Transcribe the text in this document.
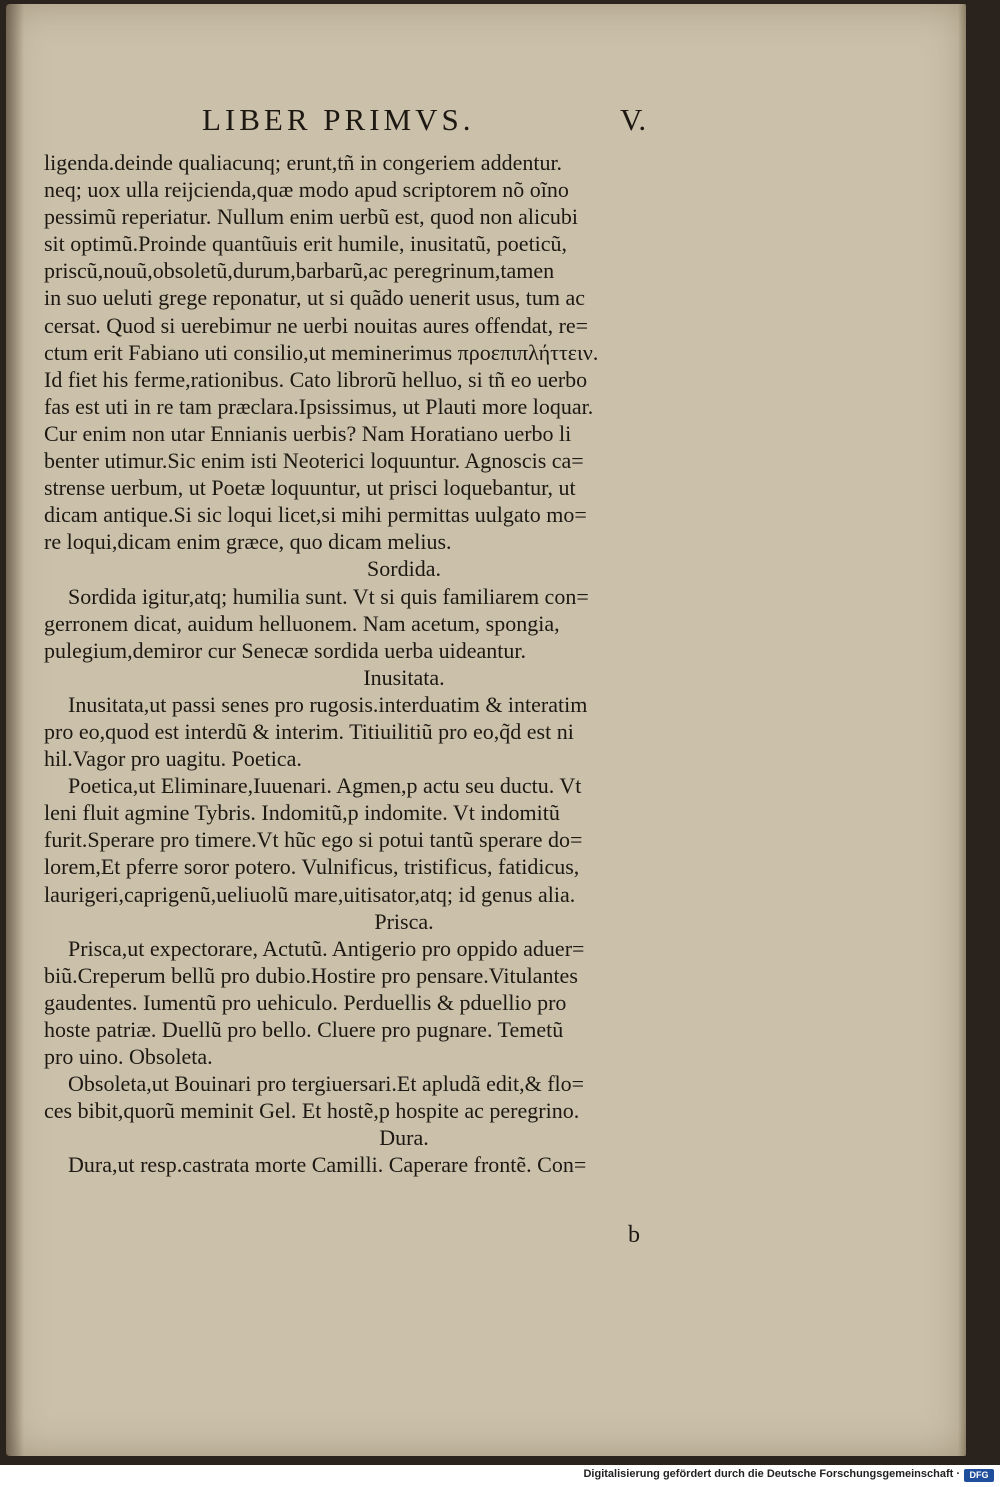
LIBER PRIMVS.	V.
ligenda.deinde qualiacunq; erunt,tñ in congeriem addentur.
neq; uox ulla reijcienda,quæ modo apud scriptorem nõ oĩno
pessimũ reperiatur. Nullum enim uerbũ est, quod non alicubi
sit optimũ.Proinde quantũuis erit humile, inusitatũ, poeticũ,
priscũ,nouũ,obsoletũ,durum,barbarũ,ac peregrinum,tamen
in suo ueluti grege reponatur, ut si quãdo uenerit usus, tum ac
cersat. Quod si uerebimur ne uerbi nouitas aures offendat, re=
ctum erit Fabiano uti consilio,ut meminerimus προεπιπλήττειν.
Id fiet his ferme,rationibus. Cato librorũ helluo, si tñ eo uerbo
fas est uti in re tam præclara.Ipsissimus, ut Plauti more loquar.
Cur enim non utar Ennianis uerbis? Nam Horatiano uerbo li
benter utimur.Sic enim isti Neoterici loquuntur. Agnoscis ca=
strense uerbum, ut Poetæ loquuntur, ut prisci loquebantur, ut
dicam antique.Si sic loqui licet,si mihi permittas uulgato mo=
re loqui,dicam enim græce, quo dicam melius.
Sordida.
Sordida igitur,atq; humilia sunt. Vt si quis familiarem con=
gerronem dicat, auidum helluonem. Nam acetum, spongia,
pulegium,demiror cur Senecæ sordida uerba uideantur.
Inusitata.
Inusitata,ut passi senes pro rugosis.interduatim & interatim
pro eo,quod est interdũ & interim. Titiuilitiũ pro eo,q̃d est ni
hil.Vagor pro uagitu. Poetica.
Poetica,ut Eliminare,Iuuenari. Agmen,p actu seu ductu. Vt
leni fluit agmine Tybris. Indomitũ,p indomite. Vt indomitũ
furit.Sperare pro timere.Vt hũc ego si potui tantũ sperare do=
lorem,Et pferre soror potero. Vulnificus, tristificus, fatidicus,
laurigeri,caprigenũ,ueliuolũ mare,uitisator,atq; id genus alia.
Prisca.
Prisca,ut expectorare, Actutũ. Antigerio pro oppido aduer=
biũ.Creperum bellũ pro dubio.Hostire pro pensare.Vitulantes
gaudentes. Iumentũ pro uehiculo. Perduellis & pduellio pro
hoste patriæ. Duellũ pro bello. Cluere pro pugnare. Temetũ
pro uino. Obsoleta.
Obsoleta,ut Bouinari pro tergiuersari.Et apludã edit,& flo=
ces bibit,quorũ meminit Gel. Et hostẽ,p hospite ac peregrino.
Dura.
Dura,ut resp.castrata morte Camilli. Caperare frontẽ. Con=
b
Digitalisierung gefördert durch die Deutsche Forschungsgemeinschaft ·	DFG
